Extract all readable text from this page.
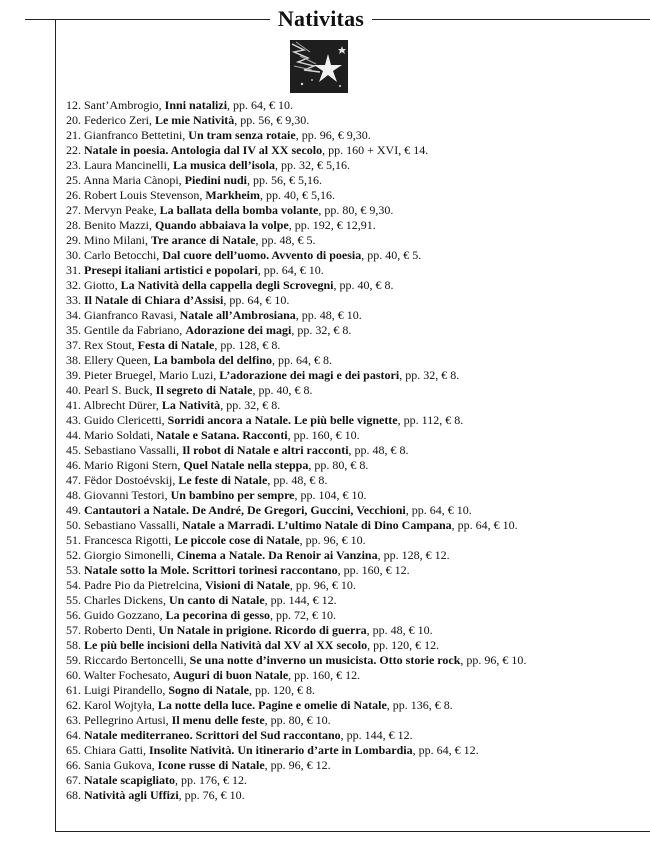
Nativitas
12. Sant’Ambrogio, Inni natalizi, pp. 64, € 10.
20. Federico Zeri, Le mie Natività, pp. 56, € 9,30.
21. Gianfranco Bettetini, Un tram senza rotaie, pp. 96, € 9,30.
22. Natale in poesia. Antologia dal IV al XX secolo, pp. 160 + XVI, € 14.
23. Laura Mancinelli, La musica dell’isola, pp. 32, € 5,16.
25. Anna Maria Cànopi, Piedini nudi, pp. 56, € 5,16.
26. Robert Louis Stevenson, Markheim, pp. 40, € 5,16.
27. Mervyn Peake, La ballata della bomba volante, pp. 80, € 9,30.
28. Benito Mazzi, Quando abbaiava la volpe, pp. 192, € 12,91.
29. Mino Milani, Tre arance di Natale, pp. 48, € 5.
30. Carlo Betocchi, Dal cuore dell’uomo. Avvento di poesia, pp. 40, € 5.
31. Presepi italiani artistici e popolari, pp. 64, € 10.
32. Giotto, La Natività della cappella degli Scrovegni, pp. 40, € 8.
33. Il Natale di Chiara d’Assisi, pp. 64, € 10.
34. Gianfranco Ravasi, Natale all’Ambrosiana, pp. 48, € 10.
35. Gentile da Fabriano, Adorazione dei magi, pp. 32, € 8.
37. Rex Stout, Festa di Natale, pp. 128, € 8.
38. Ellery Queen, La bambola del delfino, pp. 64, € 8.
39. Pieter Bruegel, Mario Luzi, L’adorazione dei magi e dei pastori, pp. 32, € 8.
40. Pearl S. Buck, Il segreto di Natale, pp. 40, € 8.
41. Albrecht Dürer, La Natività, pp. 32, € 8.
43. Guido Clericetti, Sorridi ancora a Natale. Le più belle vignette, pp. 112, € 8.
44. Mario Soldati, Natale e Satana. Racconti, pp. 160, € 10.
45. Sebastiano Vassalli, Il robot di Natale e altri racconti, pp. 48, € 8.
46. Mario Rigoni Stern, Quel Natale nella steppa, pp. 80, € 8.
47. Fëdor Dostoévskij, Le feste di Natale, pp. 48, € 8.
48. Giovanni Testori, Un bambino per sempre, pp. 104, € 10.
49. Cantautori a Natale. De André, De Gregori, Guccini, Vecchioni, pp. 64, € 10.
50. Sebastiano Vassalli, Natale a Marradi. L’ultimo Natale di Dino Campana, pp. 64, € 10.
51. Francesca Rigotti, Le piccole cose di Natale, pp. 96, € 10.
52. Giorgio Simonelli, Cinema a Natale. Da Renoir ai Vanzina, pp. 128, € 12.
53. Natale sotto la Mole. Scrittori torinesi raccontano, pp. 160, € 12.
54. Padre Pio da Pietrelcina, Visioni di Natale, pp. 96, € 10.
55. Charles Dickens, Un canto di Natale, pp. 144, € 12.
56. Guido Gozzano, La pecorina di gesso, pp. 72, € 10.
57. Roberto Denti, Un Natale in prigione. Ricordo di guerra, pp. 48, € 10.
58. Le più belle incisioni della Natività dal XV al XX secolo, pp. 120, € 12.
59. Riccardo Bertoncelli, Se una notte d’inverno un musicista. Otto storie rock, pp. 96, € 10.
60. Walter Fochesato, Auguri di buon Natale, pp. 160, € 12.
61. Luigi Pirandello, Sogno di Natale, pp. 120, € 8.
62. Karol Wojtyła, La notte della luce. Pagine e omelie di Natale, pp. 136, € 8.
63. Pellegrino Artusi, Il menu delle feste, pp. 80, € 10.
64. Natale mediterraneo. Scrittori del Sud raccontano, pp. 144, € 12.
65. Chiara Gatti, Insolite Natività. Un itinerario d’arte in Lombardia, pp. 64, € 12.
66. Sania Gukova, Icone russe di Natale, pp. 96, € 12.
67. Natale scapigliato, pp. 176, € 12.
68. Natività agli Uffizi, pp. 76, € 10.
